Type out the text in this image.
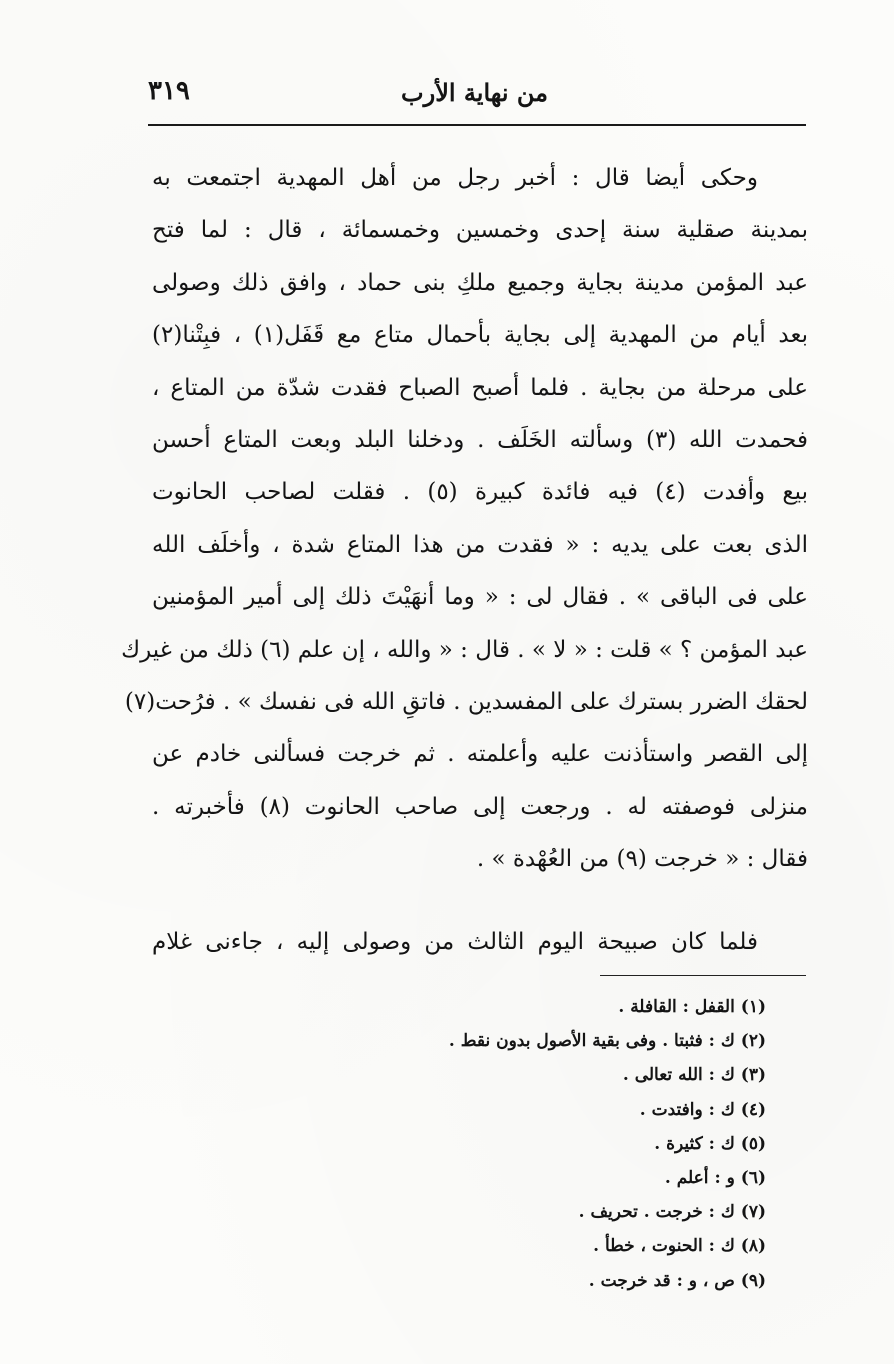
من نهاية الأرب
٣١٩
وحكى أيضا قال : أخبر رجل من أهل المهدية اجتمعت به
بمدينة صقلية سنة إحدى وخمسين وخمسمائة ، قال : لما فتح
عبد المؤمن مدينة بجاية وجميع ملكِ بنى حماد ، وافق ذلك وصولى
بعد أيام من المهدية إلى بجاية بأحمال متاع مع قَفَل(١) ، فبِتْنا(٢)
على مرحلة من بجاية . فلما أصبح الصباح فقدت شدّة من المتاع ،
فحمدت الله (٣) وسألته الخَلَف . ودخلنا البلد وبعت المتاع أحسن
بيع وأفدت (٤) فيه فائدة كبيرة (٥) . فقلت لصاحب الحانوت
الذى بعت على يديه : « فقدت من هذا المتاع شدة ، وأخلَف الله
على فى الباقى » . فقال لى : « وما أنهَيْتَ ذلك إلى أمير المؤمنين
عبد المؤمن ؟ » قلت : « لا » . قال : « والله ، إن علم (٦) ذلك من غيرك
لحقك الضرر بسترك على المفسدين . فاتقِ الله فى نفسك » . فرُحت(٧)
إلى القصر واستأذنت عليه وأعلمته . ثم خرجت فسألنى خادم عن
منزلى فوصفته له . ورجعت إلى صاحب الحانوت (٨) فأخبرته .
فقال : « خرجت (٩) من العُهْدة » .
فلما كان صبيحة اليوم الثالث من وصولى إليه ، جاءنى غلام
(١) القفل : القافلة .
(٢) ك : فثبتا . وفى بقية الأصول بدون نقط .
(٣) ك : الله تعالى .
(٤) ك : وافتدت .
(٥) ك : كثيرة .
(٦) و : أعلم .
(٧) ك : خرجت . تحريف .
(٨) ك : الحنوت ، خطأ .
(٩) ص ، و : قد خرجت .
